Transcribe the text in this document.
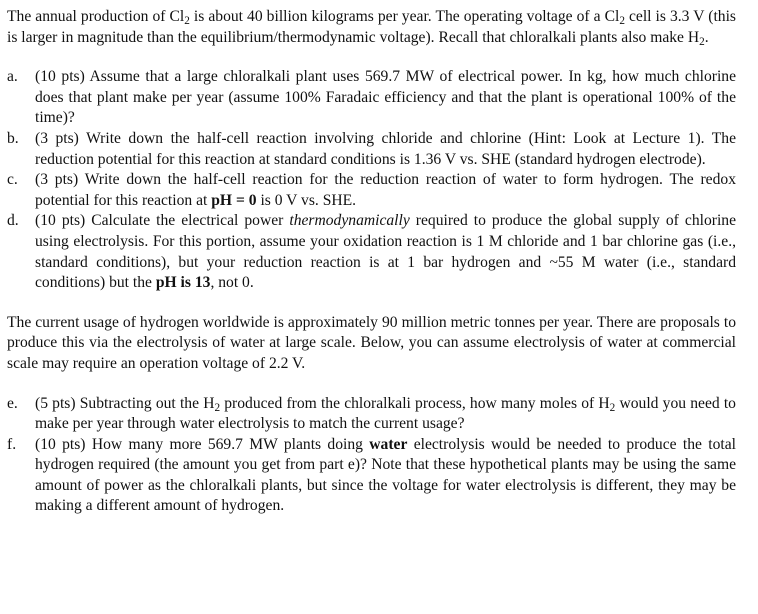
The annual production of $Cl_2$ is about 40 billion kilograms per year. The operating voltage of a $Cl_2$ cell is 3.3 V (this is larger in magnitude than the equilibrium/thermodynamic voltage). Recall that chloralkali plants also make $H_2$.

a.	(10 pts) Assume that a large chloralkali plant uses 569.7 MW of electrical power. In kg, how much chlorine does that plant make per year (assume 100% Faradaic efficiency and that the plant is operational 100% of the time)?
b.	(3 pts) Write down the half-cell reaction involving chloride and chlorine (Hint: Look at Lecture 1). The reduction potential for this reaction at standard conditions is 1.36 V vs. SHE (standard hydrogen electrode).
c.	(3 pts) Write down the half-cell reaction for the reduction reaction of water to form hydrogen. The redox potential for this reaction at pH = 0 is 0 V vs. SHE.
d.	(10 pts) Calculate the electrical power thermodynamically required to produce the global supply of chlorine using electrolysis. For this portion, assume your oxidation reaction is 1 M chloride and 1 bar chlorine gas (i.e., standard conditions), but your reduction reaction is at 1 bar hydrogen and ~55 M water (i.e., standard conditions) but the pH is 13, not 0.

The current usage of hydrogen worldwide is approximately 90 million metric tonnes per year. There are proposals to produce this via the electrolysis of water at large scale. Below, you can assume electrolysis of water at commercial scale may require an operation voltage of 2.2 V.

e.	(5 pts) Subtracting out the $H_2$ produced from the chloralkali process, how many moles of $H_2$ would you need to make per year through water electrolysis to match the current usage?
f.	(10 pts) How many more 569.7 MW plants doing water electrolysis would be needed to produce the total hydrogen required (the amount you get from part e)? Note that these hypothetical plants may be using the same amount of power as the chloralkali plants, but since the voltage for water electrolysis is different, they may be making a different amount of hydrogen.
